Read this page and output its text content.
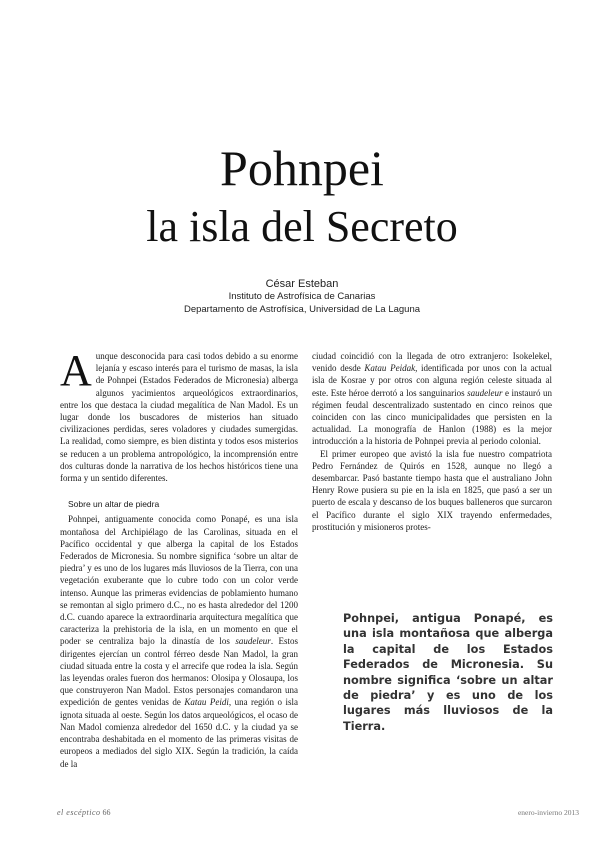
Pohnpei
la isla del Secreto
César Esteban
Instituto de Astrofísica de Canarias
Departamento de Astrofísica, Universidad de La Laguna

Aunque desconocida para casi todos debido a su enorme lejanía y escaso interés para el turismo de masas, la isla de Pohnpei (Estados Federados de Micronesia) alberga algunos yacimientos arqueológicos extraordinarios, entre los que destaca la ciudad megalítica de Nan Madol. Es un lugar donde los buscadores de misterios han situado civilizaciones perdidas, seres voladores y ciudades sumergidas. La realidad, como siempre, es bien distinta y todos esos misterios se reducen a un problema antropológico, la incomprensión entre dos culturas donde la narrativa de los hechos históricos tiene una forma y un sentido diferentes.

Sobre un altar de piedra

Pohnpei, antiguamente conocida como Ponapé, es una isla montañosa del Archipiélago de las Carolinas, situada en el Pacífico occidental y que alberga la capital de los Estados Federados de Micronesia. Su nombre significa ‘sobre un altar de piedra’ y es uno de los lugares más lluviosos de la Tierra, con una vegetación exuberante que lo cubre todo con un color verde intenso. Aunque las primeras evidencias de poblamiento humano se remontan al siglo primero d.C., no es hasta alrededor del 1200 d.C. cuando aparece la extraordinaria arquitectura megalítica que caracteriza la prehistoria de la isla, en un momento en que el poder se centraliza bajo la dinastía de los saudeleur. Estos dirigentes ejercían un control férreo desde Nan Madol, la gran ciudad situada entre la costa y el arrecife que rodea la isla. Según las leyendas orales fueron dos hermanos: Olosipa y Olosaupa, los que construyeron Nan Madol. Estos personajes comandaron una expedición de gentes venidas de Katau Peidi, una región o isla ignota situada al oeste. Según los datos arqueológicos, el ocaso de Nan Madol comienza alrededor del 1650 d.C. y la ciudad ya se encontraba deshabitada en el momento de las primeras visitas de europeos a mediados del siglo XIX. Según la tradición, la caída de la

ciudad coincidió con la llegada de otro extranjero: Isokelekel, venido desde Katau Peidak, identificada por unos con la actual isla de Kosrae y por otros con alguna región celeste situada al este. Este héroe derrotó a los sanguinarios saudeleur e instauró un régimen feudal descentralizado sustentado en cinco reinos que coinciden con las cinco municipalidades que persisten en la actualidad. La monografía de Hanlon (1988) es la mejor introducción a la historia de Pohnpei previa al periodo colonial.

El primer europeo que avistó la isla fue nuestro compatriota Pedro Fernández de Quirós en 1528, aunque no llegó a desembarcar. Pasó bastante tiempo hasta que el australiano John Henry Rowe pusiera su pie en la isla en 1825, que pasó a ser un puerto de escala y descanso de los buques balleneros que surcaron el Pacífico durante el siglo XIX trayendo enfermedades, prostitución y misioneros protes-

Pohnpei, antigua Ponapé, es una isla montañosa que alberga la capital de los Estados Federados de Micronesia. Su nombre significa ‘sobre un altar de piedra’ y es uno de los lugares más lluviosos de la Tierra.
el escéptico 66	enero-invierno 2013
